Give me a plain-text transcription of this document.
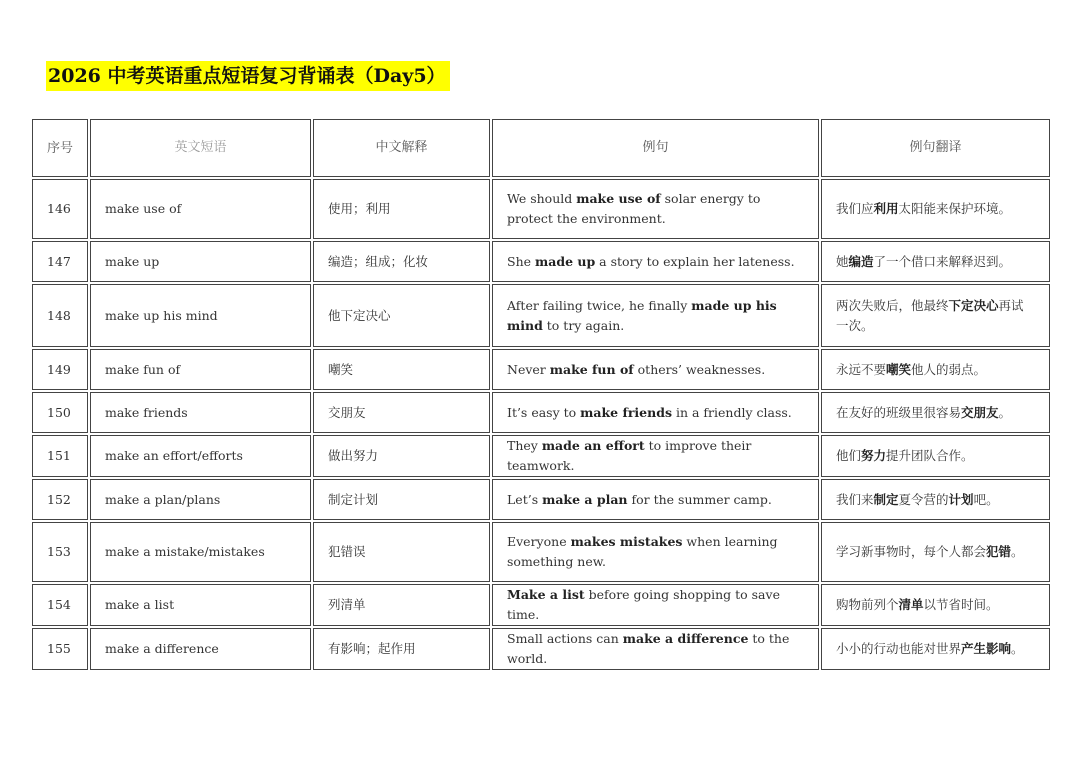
2026 中考英语重点短语复习背诵表（Day5）
序号	英文短语	中文解释	例句	例句翻译
146	make use of	使用；利用	We should make use of solar energy to protect the environment.	我们应利用太阳能来保护环境。
147	make up	编造；组成；化妆	She made up a story to explain her lateness.	她编造了一个借口来解释迟到。
148	make up his mind	他下定决心	After failing twice, he finally made up his mind to try again.	两次失败后，他最终下定决心再试一次。
149	make fun of	嘲笑	Never make fun of others’ weaknesses.	永远不要嘲笑他人的弱点。
150	make friends	交朋友	It’s easy to make friends in a friendly class.	在友好的班级里很容易交朋友。
151	make an effort/efforts	做出努力	They made an effort to improve their teamwork.	他们努力提升团队合作。
152	make a plan/plans	制定计划	Let’s make a plan for the summer camp.	我们来制定夏令营的计划吧。
153	make a mistake/mistakes	犯错误	Everyone makes mistakes when learning something new.	学习新事物时，每个人都会犯错。
154	make a list	列清单	Make a list before going shopping to save time.	购物前列个清单以节省时间。
155	make a difference	有影响；起作用	Small actions can make a difference to the world.	小小的行动也能对世界产生影响。
